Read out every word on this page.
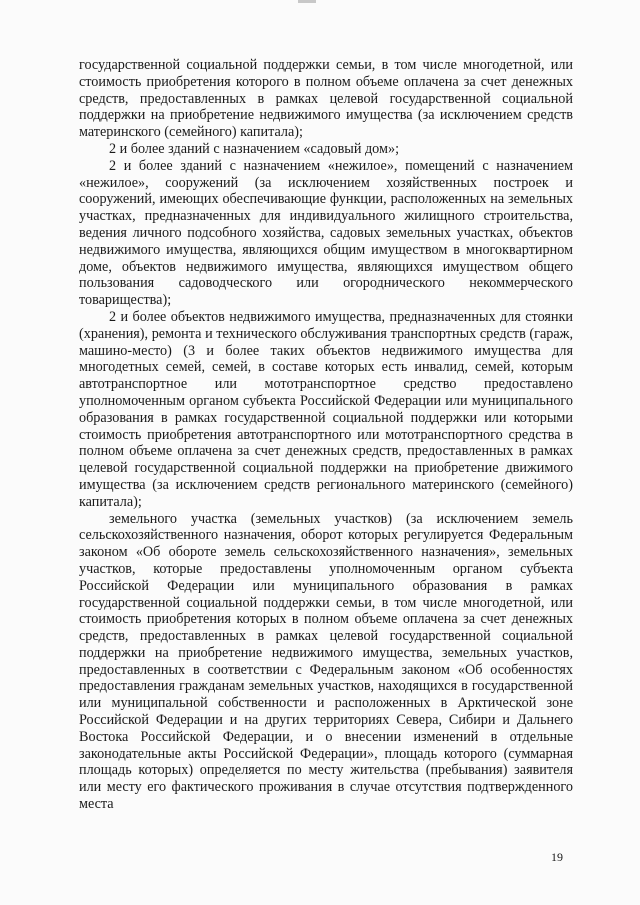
государственной социальной поддержки семьи, в том числе многодетной, или стоимость приобретения которого в полном объеме оплачена за счет денежных средств, предоставленных в рамках целевой государственной социальной поддержки на приобретение недвижимого имущества (за исключением средств материнского (семейного) капитала);

2 и более зданий с назначением «садовый дом»;

2 и более зданий с назначением «нежилое», помещений с назначением «нежилое», сооружений (за исключением хозяйственных построек и сооружений, имеющих обеспечивающие функции, расположенных на земельных участках, предназначенных для индивидуального жилищного строительства, ведения личного подсобного хозяйства, садовых земельных участках, объектов недвижимого имущества, являющихся общим имуществом в многоквартирном доме, объектов недвижимого имущества, являющихся имуществом общего пользования садоводческого или огороднического некоммерческого товарищества);

2 и более объектов недвижимого имущества, предназначенных для стоянки (хранения), ремонта и технического обслуживания транспортных средств (гараж, машино-место) (3 и более таких объектов недвижимого имущества для многодетных семей, семей, в составе которых есть инвалид, семей, которым автотранспортное или мототранспортное средство предоставлено уполномоченным органом субъекта Российской Федерации или муниципального образования в рамках государственной социальной поддержки или которыми стоимость приобретения автотранспортного или мототранспортного средства в полном объеме оплачена за счет денежных средств, предоставленных в рамках целевой государственной социальной поддержки на приобретение движимого имущества (за исключением средств регионального материнского (семейного) капитала);

земельного участка (земельных участков) (за исключением земель сельскохозяйственного назначения, оборот которых регулируется Федеральным законом «Об обороте земель сельскохозяйственного назначения», земельных участков, которые предоставлены уполномоченным органом субъекта Российской Федерации или муниципального образования в рамках государственной социальной поддержки семьи, в том числе многодетной, или стоимость приобретения которых в полном объеме оплачена за счет денежных средств, предоставленных в рамках целевой государственной социальной поддержки на приобретение недвижимого имущества, земельных участков, предоставленных в соответствии с Федеральным законом «Об особенностях предоставления гражданам земельных участков, находящихся в государственной или муниципальной собственности и расположенных в Арктической зоне Российской Федерации и на других территориях Севера, Сибири и Дальнего Востока Российской Федерации, и о внесении изменений в отдельные законодательные акты Российской Федерации», площадь которого (суммарная площадь которых) определяется по месту жительства (пребывания) заявителя или месту его фактического проживания в случае отсутствия подтвержденного места

19
